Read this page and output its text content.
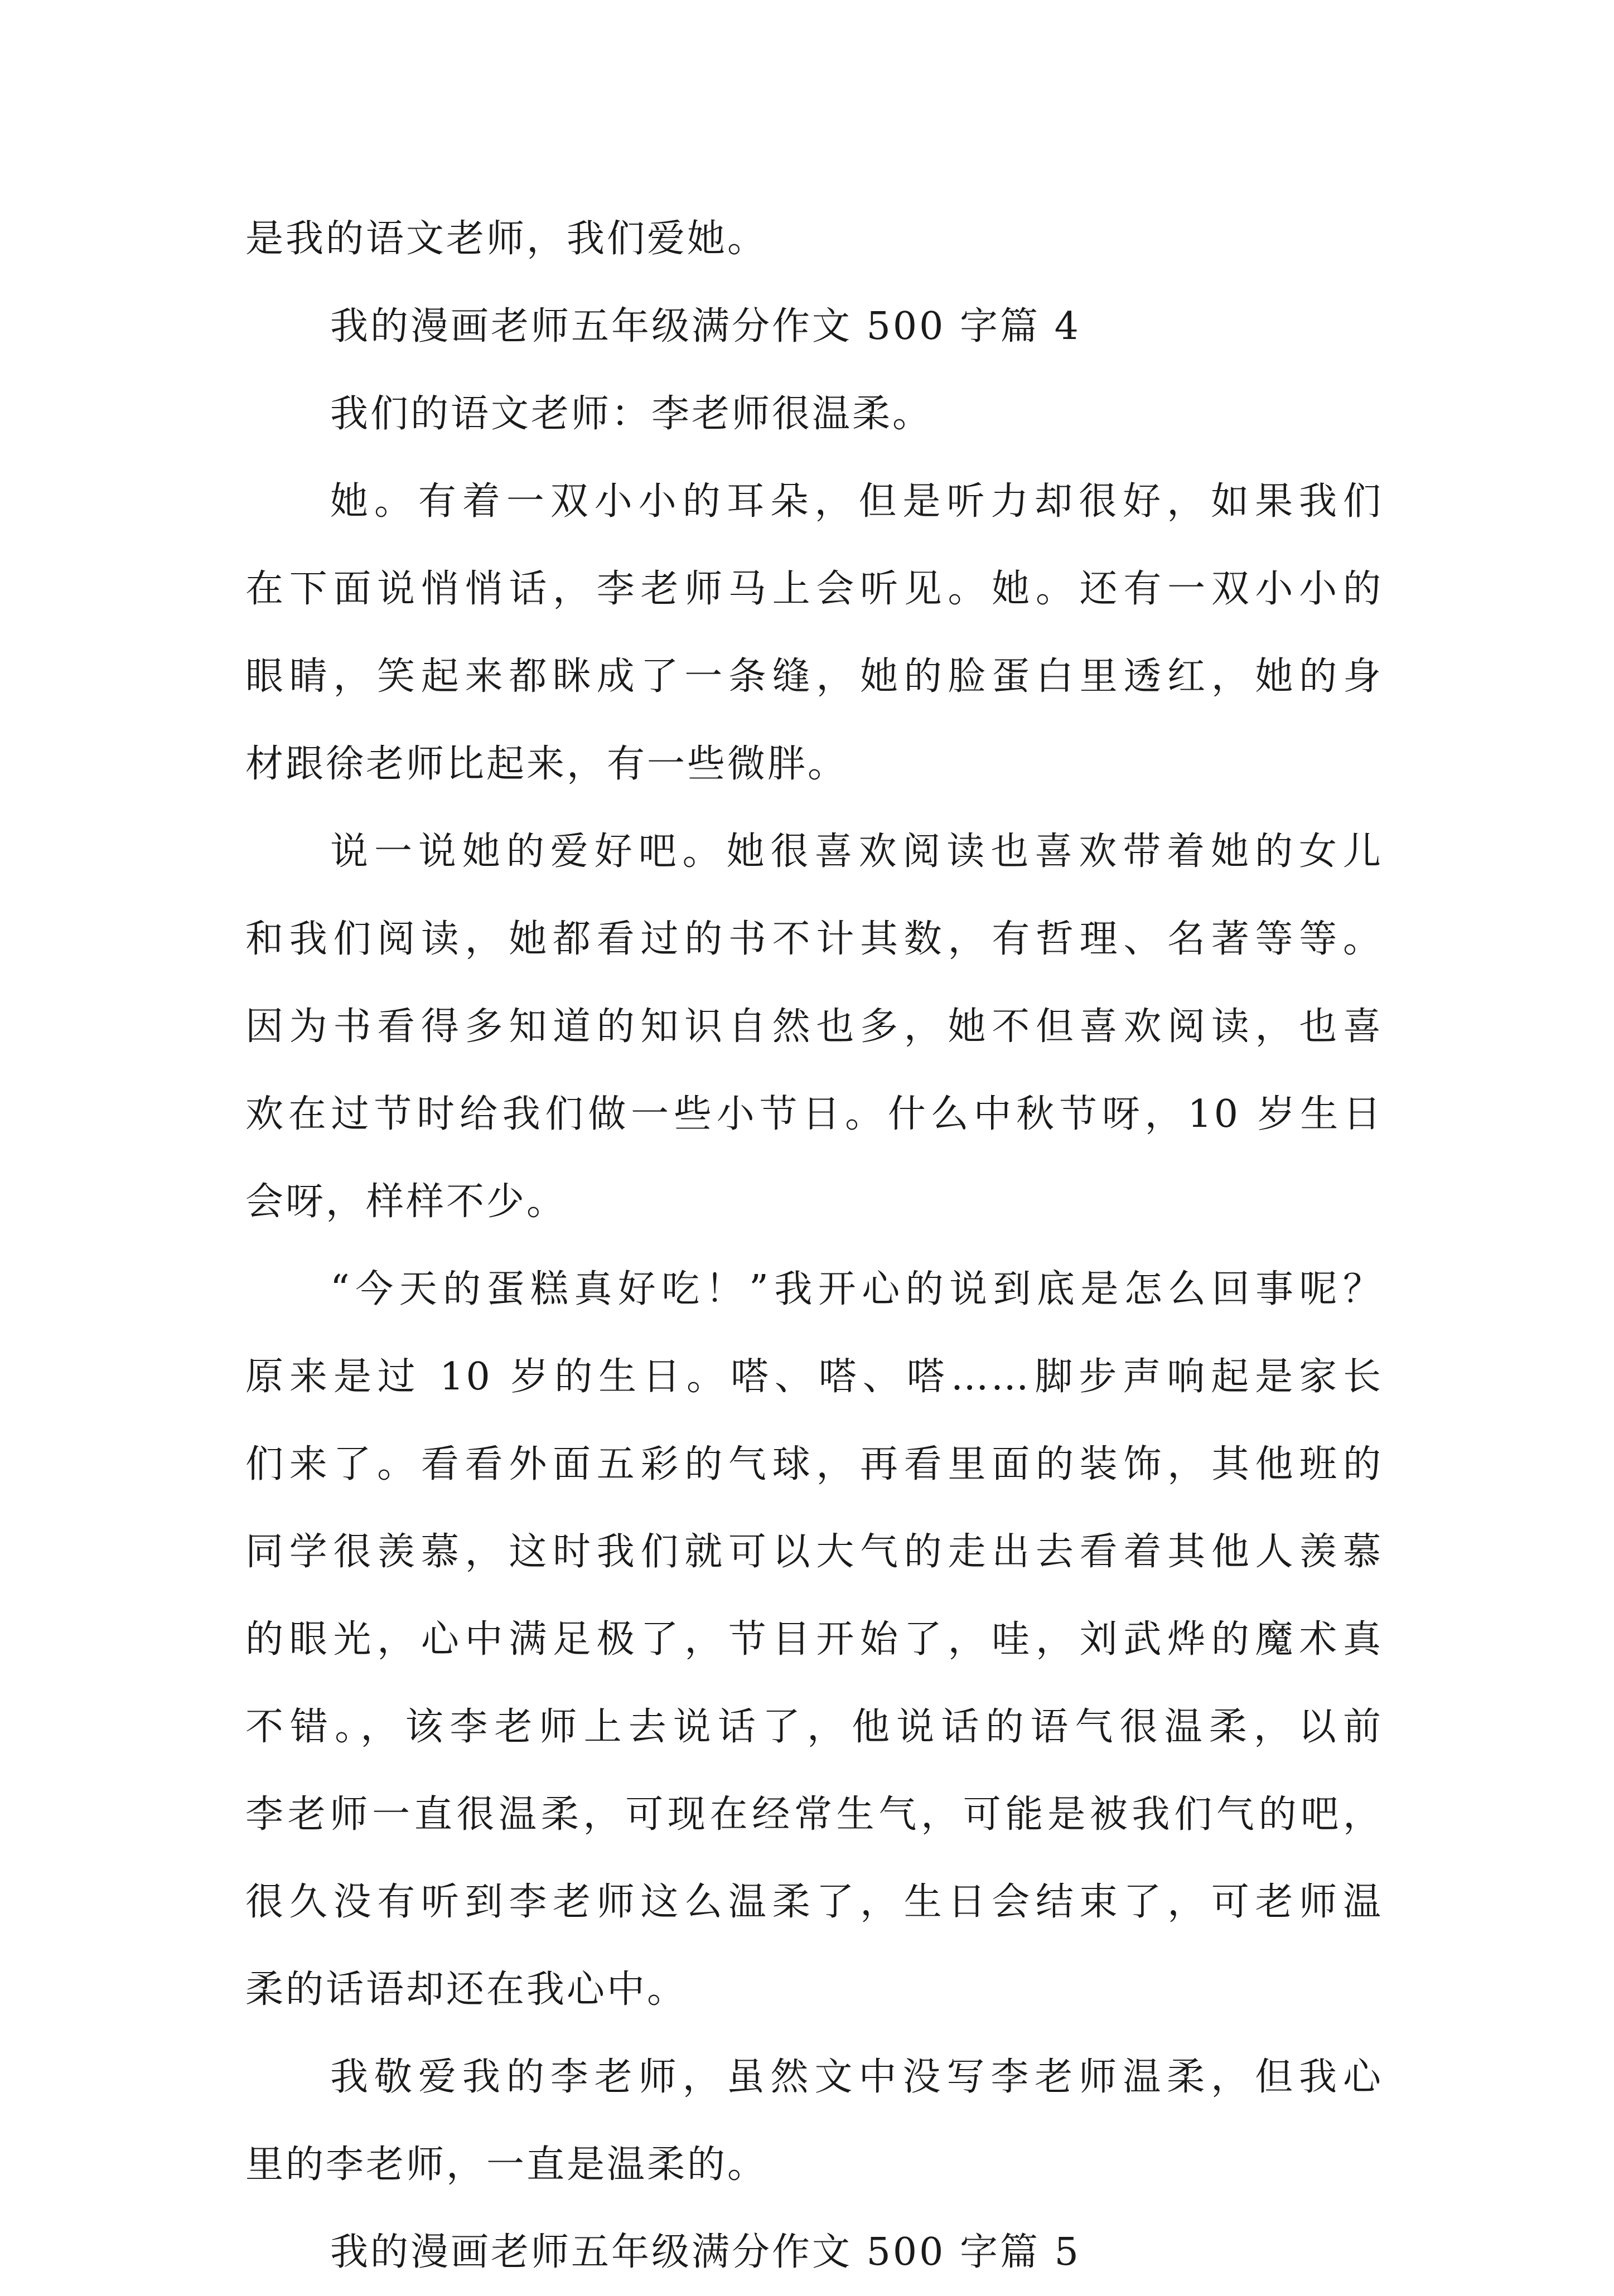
是我的语文老师，我们爱她。
我的漫画老师五年级满分作文 500 字篇 4
我们的语文老师：李老师很温柔。
她。有着一双小小的耳朵，但是听力却很好，如果我们
在下面说悄悄话，李老师马上会听见。她。还有一双小小的
眼睛，笑起来都眯成了一条缝，她的脸蛋白里透红，她的身
材跟徐老师比起来，有一些微胖。
说一说她的爱好吧。她很喜欢阅读也喜欢带着她的女儿
和我们阅读，她都看过的书不计其数，有哲理、名著等等。
因为书看得多知道的知识自然也多，她不但喜欢阅读，也喜
欢在过节时给我们做一些小节日。什么中秋节呀，10 岁生日
会呀，样样不少。
“今天的蛋糕真好吃！”我开心的说到底是怎么回事呢？
原来是过 10 岁的生日。嗒、嗒、嗒……脚步声响起是家长
们来了。看看外面五彩的气球，再看里面的装饰，其他班的
同学很羡慕，这时我们就可以大气的走出去看着其他人羡慕
的眼光，心中满足极了，节目开始了，哇，刘武烨的魔术真
不错。，该李老师上去说话了，他说话的语气很温柔，以前
李老师一直很温柔，可现在经常生气，可能是被我们气的吧，
很久没有听到李老师这么温柔了，生日会结束了，可老师温
柔的话语却还在我心中。
我敬爱我的李老师，虽然文中没写李老师温柔，但我心
里的李老师，一直是温柔的。
我的漫画老师五年级满分作文 500 字篇 5
